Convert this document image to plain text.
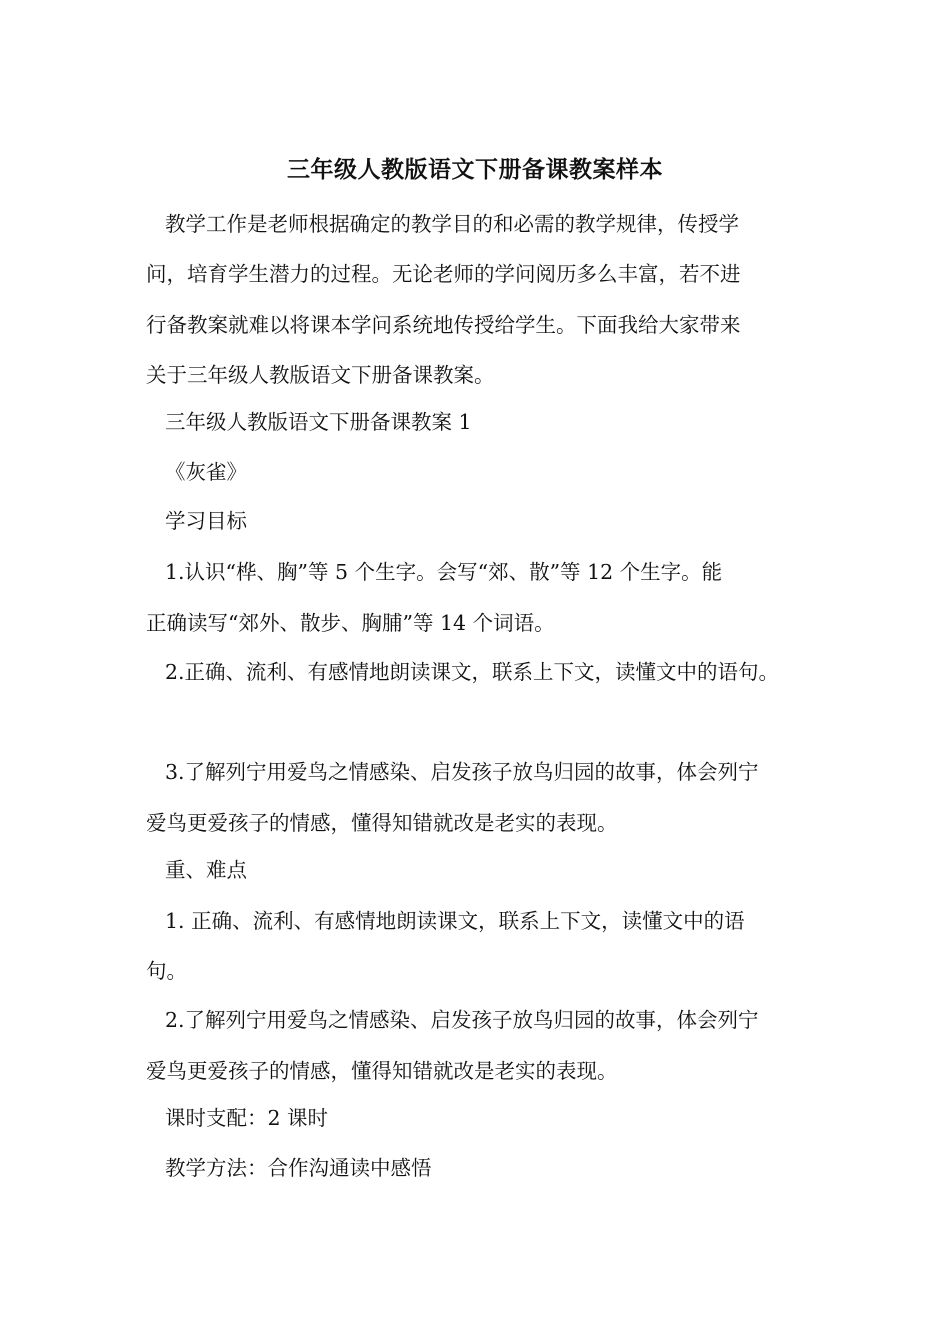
三年级人教版语文下册备课教案样本
教学工作是老师根据确定的教学目的和必需的教学规律，传授学
问，培育学生潜力的过程。无论老师的学问阅历多么丰富，若不进
行备教案就难以将课本学问系统地传授给学生。下面我给大家带来
关于三年级人教版语文下册备课教案。
三年级人教版语文下册备课教案 1
《灰雀》
学习目标
1.认识“桦、胸”等 5 个生字。会写“郊、散”等 12 个生字。能
正确读写“郊外、散步、胸脯”等 14 个词语。
2.正确、流利、有感情地朗读课文，联系上下文，读懂文中的语句。
3.了解列宁用爱鸟之情感染、启发孩子放鸟归园的故事，体会列宁
爱鸟更爱孩子的情感，懂得知错就改是老实的表现。
重、难点
1. 正确、流利、有感情地朗读课文，联系上下文，读懂文中的语
句。
2.了解列宁用爱鸟之情感染、启发孩子放鸟归园的故事，体会列宁
爱鸟更爱孩子的情感，懂得知错就改是老实的表现。
课时支配：2 课时
教学方法：合作沟通读中感悟
